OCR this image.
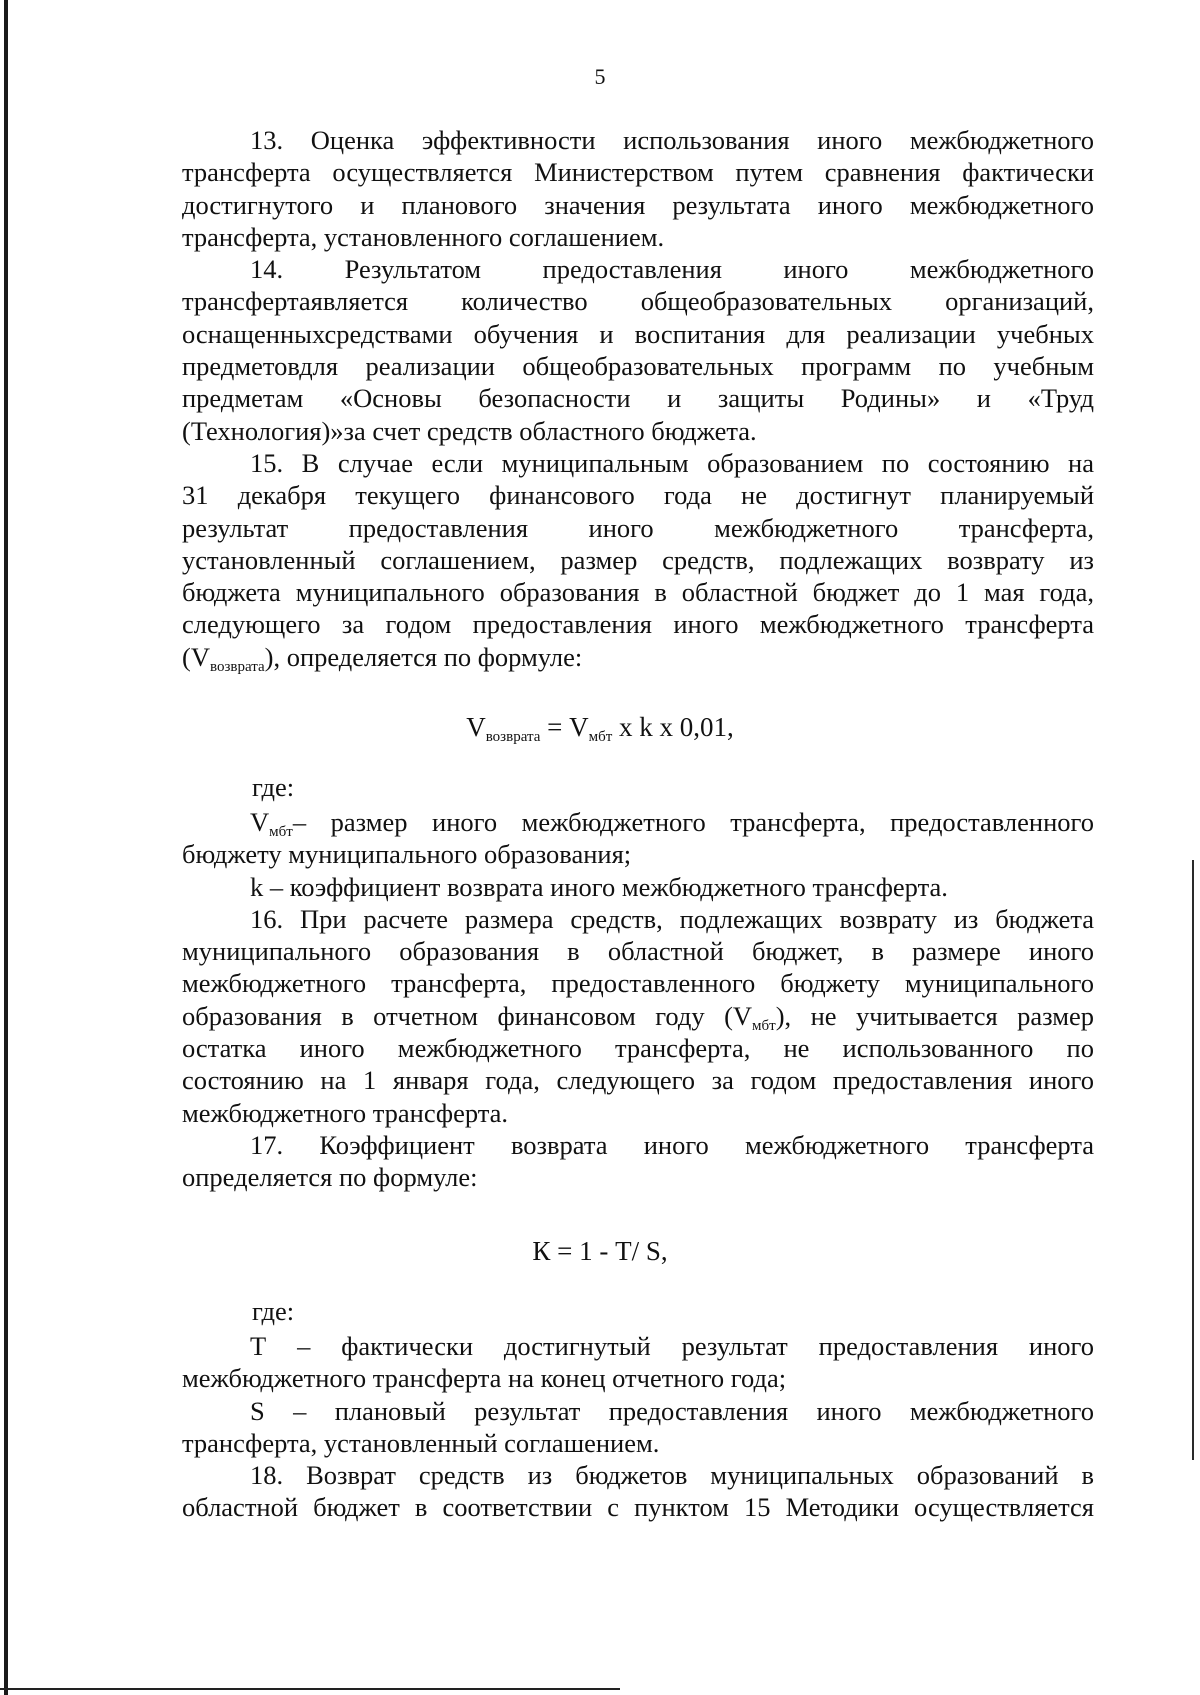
5
13. Оценка эффективности использования иного межбюджетного
трансферта осуществляется Министерством путем сравнения фактически
достигнутого и планового значения результата иного межбюджетного
трансферта, установленного соглашением.
14.    Результатом    предоставления    иного    межбюджетного
трансфертаявляется количество общеобразовательных организаций,
оснащенныхсредствами обучения и воспитания для реализации учебных
предметовдля реализации общеобразовательных программ по учебным
предметам «Основы безопасности и защиты Родины» и «Труд
(Технология)»за счет средств областного бюджета.
15. В случае если муниципальным образованием по состоянию на
31 декабря текущего финансового года не достигнут планируемый
результат предоставления иного межбюджетного трансферта,
установленный соглашением, размер средств, подлежащих возврату из
бюджета муниципального образования в областной бюджет до 1 мая года,
следующего за годом предоставления иного межбюджетного трансферта
$(V_{возврата})$, определяется по формуле:
$V_{возврата} = V_{мбт}$ x k x 0,01,
где:
$V_{мбт}-$ размер иного межбюджетного трансферта, предоставленного
бюджету муниципального образования;
k – коэффициент возврата иного межбюджетного трансферта.
16. При расчете размера средств, подлежащих возврату из бюджета
муниципального образования в областной бюджет, в размере иного
межбюджетного трансферта, предоставленного бюджету муниципального
образования в отчетном финансовом году $(V_{мбт})$, не учитывается размер
остатка иного межбюджетного трансферта, не использованного по
состоянию на 1 января года, следующего за годом предоставления иного
межбюджетного трансферта.
17. Коэффициент возврата иного межбюджетного трансферта
определяется по формуле:
К = 1 - Т/ S,
где:
Т – фактически достигнутый результат предоставления иного
межбюджетного трансферта на конец отчетного года;
S – плановый результат предоставления иного межбюджетного
трансферта, установленный соглашением.
18. Возврат средств из бюджетов муниципальных образований в
областной бюджет в соответствии с пунктом 15 Методики осуществляется
